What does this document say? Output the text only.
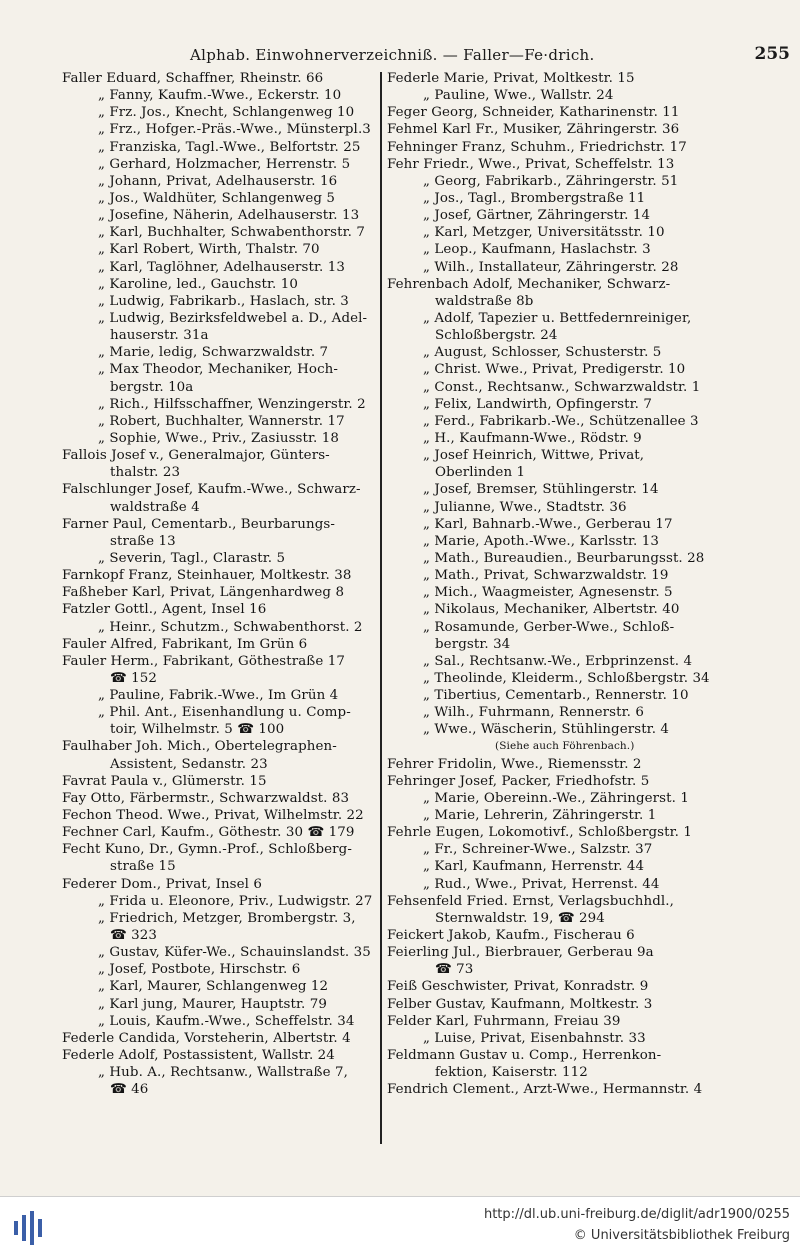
Alphab. Einwohnerverzeichniß. — Faller—Fe·drich.	255
Faller Eduard, Schaffner, Rheinstr. 66
„ Fanny, Kaufm.-Wwe., Eckerstr. 10
„ Frz. Jos., Knecht, Schlangenweg 10
„ Frz., Hofger.-Präs.-Wwe., Münsterpl.3
„ Franziska, Tagl.-Wwe., Belfortstr. 25
„ Gerhard, Holzmacher, Herrenstr. 5
„ Johann, Privat, Adelhauserstr. 16
„ Jos., Waldhüter, Schlangenweg 5
„ Josefine, Näherin, Adelhauserstr. 13
„ Karl, Buchhalter, Schwabenthorstr. 7
„ Karl Robert, Wirth, Thalstr. 70
„ Karl, Taglöhner, Adelhauserstr. 13
„ Karoline, led., Gauchstr. 10
„ Ludwig, Fabrikarb., Haslach, str. 3
„ Ludwig, Bezirksfeldwebel a. D., Adel-
hauserstr. 31a
„ Marie, ledig, Schwarzwaldstr. 7
„ Max Theodor, Mechaniker, Hoch-
bergstr. 10a
„ Rich., Hilfsschaffner, Wenzingerstr. 2
„ Robert, Buchhalter, Wannerstr. 17
„ Sophie, Wwe., Priv., Zasiusstr. 18
Fallois Josef v., Generalmajor, Günters-
thalstr. 23
Falschlunger Josef, Kaufm.-Wwe., Schwarz-
waldstraße 4
Farner Paul, Cementarb., Beurbarungs-
straße 13
„ Severin, Tagl., Clarastr. 5
Farnkopf Franz, Steinhauer, Moltkestr. 38
Faßheber Karl, Privat, Längenhardweg 8
Fatzler Gottl., Agent, Insel 16
„ Heinr., Schutzm., Schwabenthorst. 2
Fauler Alfred, Fabrikant, Im Grün 6
Fauler Herm., Fabrikant, Göthestraße 17
☎ 152
„ Pauline, Fabrik.-Wwe., Im Grün 4
„ Phil. Ant., Eisenhandlung u. Comp-
toir, Wilhelmstr. 5 ☎ 100
Faulhaber Joh. Mich., Obertelegraphen-
Assistent, Sedanstr. 23
Favrat Paula v., Glümerstr. 15
Fay Otto, Färbermstr., Schwarzwaldst. 83
Fechon Theod. Wwe., Privat, Wilhelmstr. 22
Fechner Carl, Kaufm., Göthestr. 30 ☎ 179
Fecht Kuno, Dr., Gymn.-Prof., Schloßberg-
straße 15
Federer Dom., Privat, Insel 6
„ Frida u. Eleonore, Priv., Ludwigstr. 27
„ Friedrich, Metzger, Brombergstr. 3,
☎ 323
„ Gustav, Küfer-We., Schauinslandst. 35
„ Josef, Postbote, Hirschstr. 6
„ Karl, Maurer, Schlangenweg 12
„ Karl jung, Maurer, Hauptstr. 79
„ Louis, Kaufm.-Wwe., Scheffelstr. 34
Federle Candida, Vorsteherin, Albertstr. 4
Federle Adolf, Postassistent, Wallstr. 24
„ Hub. A., Rechtsanw., Wallstraße 7,
☎ 46
Federle Marie, Privat, Moltkestr. 15
„ Pauline, Wwe., Wallstr. 24
Feger Georg, Schneider, Katharinenstr. 11
Fehmel Karl Fr., Musiker, Zähringerstr. 36
Fehninger Franz, Schuhm., Friedrichstr. 17
Fehr Friedr., Wwe., Privat, Scheffelstr. 13
„ Georg, Fabrikarb., Zähringerstr. 51
„ Jos., Tagl., Brombergstraße 11
„ Josef, Gärtner, Zähringerstr. 14
„ Karl, Metzger, Universitätsstr. 10
„ Leop., Kaufmann, Haslachstr. 3
„ Wilh., Installateur, Zähringerstr. 28
Fehrenbach Adolf, Mechaniker, Schwarz-
waldstraße 8b
„ Adolf, Tapezier u. Bettfedernreiniger,
Schloßbergstr. 24
„ August, Schlosser, Schusterstr. 5
„ Christ. Wwe., Privat, Predigerstr. 10
„ Const., Rechtsanw., Schwarzwaldstr. 1
„ Felix, Landwirth, Opfingerstr. 7
„ Ferd., Fabrikarb.-We., Schützenallee 3
„ H., Kaufmann-Wwe., Rödstr. 9
„ Josef Heinrich, Wittwe, Privat,
Oberlinden 1
„ Josef, Bremser, Stühlingerstr. 14
„ Julianne, Wwe., Stadtstr. 36
„ Karl, Bahnarb.-Wwe., Gerberau 17
„ Marie, Apoth.-Wwe., Karlsstr. 13
„ Math., Bureaudien., Beurbarungsst. 28
„ Math., Privat, Schwarzwaldstr. 19
„ Mich., Waagmeister, Agnesenstr. 5
„ Nikolaus, Mechaniker, Albertstr. 40
„ Rosamunde, Gerber-Wwe., Schloß-
bergstr. 34
„ Sal., Rechtsanw.-We., Erbprinzenst. 4
„ Theolinde, Kleiderm., Schloßbergstr. 34
„ Tibertius, Cementarb., Rennerstr. 10
„ Wilh., Fuhrmann, Rennerstr. 6
„ Wwe., Wäscherin, Stühlingerstr. 4
(Siehe auch Föhrenbach.)
Fehrer Fridolin, Wwe., Riemensstr. 2
Fehringer Josef, Packer, Friedhofstr. 5
„ Marie, Obereinn.-We., Zähringerst. 1
„ Marie, Lehrerin, Zähringerstr. 1
Fehrle Eugen, Lokomotivf., Schloßbergstr. 1
„ Fr., Schreiner-Wwe., Salzstr. 37
„ Karl, Kaufmann, Herrenstr. 44
„ Rud., Wwe., Privat, Herrenst. 44
Fehsenfeld Fried. Ernst, Verlagsbuchhdl.,
Sternwaldstr. 19, ☎ 294
Feickert Jakob, Kaufm., Fischerau 6
Feierling Jul., Bierbrauer, Gerberau 9a
☎ 73
Feiß Geschwister, Privat, Konradstr. 9
Felber Gustav, Kaufmann, Moltkestr. 3
Felder Karl, Fuhrmann, Freiau 39
„ Luise, Privat, Eisenbahnstr. 33
Feldmann Gustav u. Comp., Herrenkon-
fektion, Kaiserstr. 112
Fendrich Clement., Arzt-Wwe., Hermannstr. 4
http://dl.ub.uni-freiburg.de/diglit/adr1900/0255
© Universitätsbibliothek Freiburg
